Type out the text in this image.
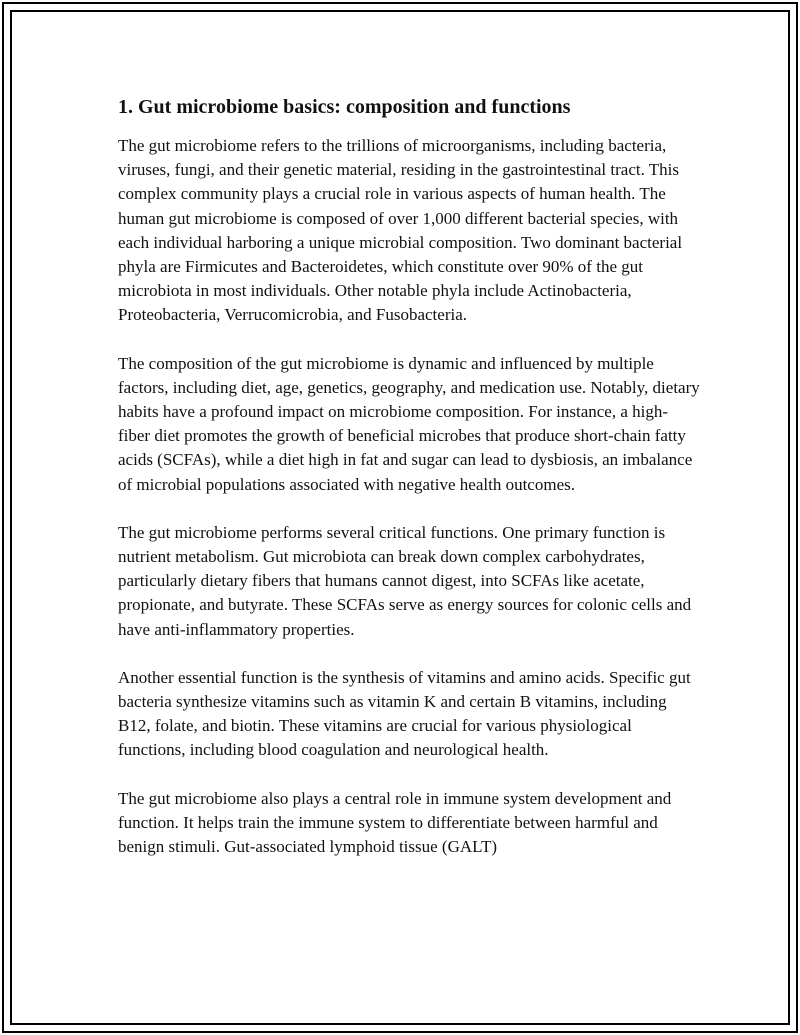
1. Gut microbiome basics: composition and functions

The gut microbiome refers to the trillions of microorganisms, including bacteria, viruses, fungi, and their genetic material, residing in the gastrointestinal tract. This complex community plays a crucial role in various aspects of human health. The human gut microbiome is composed of over 1,000 different bacterial species, with each individual harboring a unique microbial composition. Two dominant bacterial phyla are Firmicutes and Bacteroidetes, which constitute over 90% of the gut microbiota in most individuals. Other notable phyla include Actinobacteria, Proteobacteria, Verrucomicrobia, and Fusobacteria.

The composition of the gut microbiome is dynamic and influenced by multiple factors, including diet, age, genetics, geography, and medication use. Notably, dietary habits have a profound impact on microbiome composition. For instance, a high-fiber diet promotes the growth of beneficial microbes that produce short-chain fatty acids (SCFAs), while a diet high in fat and sugar can lead to dysbiosis, an imbalance of microbial populations associated with negative health outcomes.

The gut microbiome performs several critical functions. One primary function is nutrient metabolism. Gut microbiota can break down complex carbohydrates, particularly dietary fibers that humans cannot digest, into SCFAs like acetate, propionate, and butyrate. These SCFAs serve as energy sources for colonic cells and have anti-inflammatory properties.

Another essential function is the synthesis of vitamins and amino acids. Specific gut bacteria synthesize vitamins such as vitamin K and certain B vitamins, including B12, folate, and biotin. These vitamins are crucial for various physiological functions, including blood coagulation and neurological health.

The gut microbiome also plays a central role in immune system development and function. It helps train the immune system to differentiate between harmful and benign stimuli. Gut-associated lymphoid tissue (GALT)
